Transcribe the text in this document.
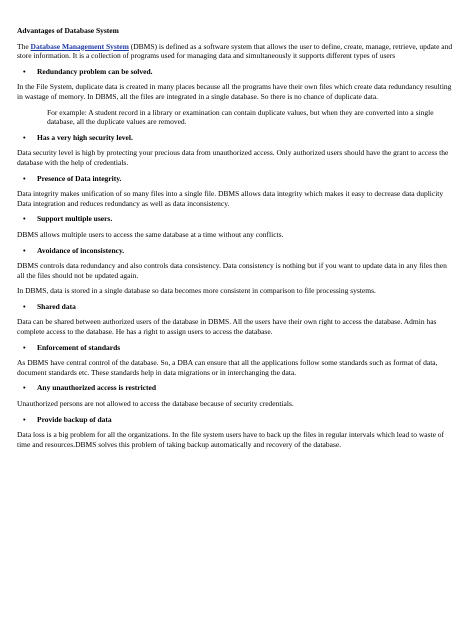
Advantages of Database System

The Database Management System (DBMS) is defined as a software system that allows the user to define, create, manage, retrieve, update and store information. It is a collection of programs used for managing data and simultaneously it supports different types of users

• Redundancy problem can be solved.

In the File System, duplicate data is created in many places because all the programs have their own files which create data redundancy resulting in wastage of memory. In DBMS, all the files are integrated in a single database. So there is no chance of duplicate data.

For example: A student record in a library or examination can contain duplicate values, but when they are converted into a single database, all the duplicate values are removed.

• Has a very high security level.

Data security level is high by protecting your precious data from unauthorized access. Only authorized users should have the grant to access the database with the help of credentials.

• Presence of Data integrity.

Data integrity makes unification of so many files into a single file. DBMS allows data integrity which makes it easy to decrease data duplicity Data integration and reduces redundancy as well as data inconsistency.

• Support multiple users.

DBMS allows multiple users to access the same database at a time without any conflicts.

• Avoidance of inconsistency.

DBMS controls data redundancy and also controls data consistency. Data consistency is nothing but if you want to update data in any files then all the files should not be updated again.

In DBMS, data is stored in a single database so data becomes more consistent in comparison to file processing systems.

• Shared data

Data can be shared between authorized users of the database in DBMS. All the users have their own right to access the database. Admin has complete access to the database. He has a right to assign users to access the database.

• Enforcement of standards

As DBMS have central control of the database. So, a DBA can ensure that all the applications follow some standards such as format of data, document standards etc. These standards help in data migrations or in interchanging the data.

• Any unauthorized access is restricted

Unauthorized persons are not allowed to access the database because of security credentials.

• Provide backup of data

Data loss is a big problem for all the organizations. In the file system users have to back up the files in regular intervals which lead to waste of time and resources.DBMS solves this problem of taking backup automatically and recovery of the database.
